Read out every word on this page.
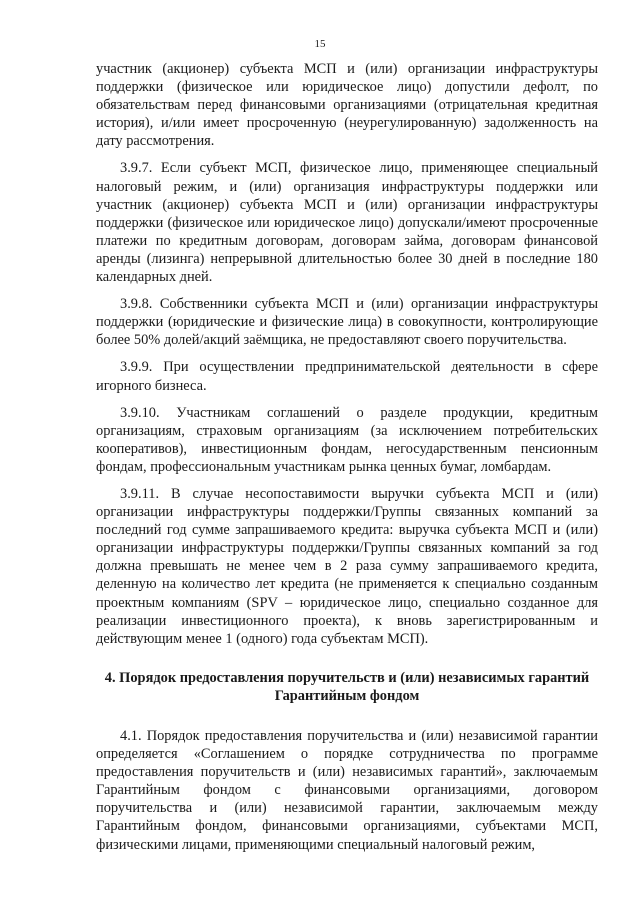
15

участник (акционер) субъекта МСП и (или) организации инфраструктуры поддержки (физическое или юридическое лицо) допустили дефолт, по обязательствам перед финансовыми организациями (отрицательная кредитная история), и/или имеет просроченную (неурегулированную) задолженность на дату рассмотрения.

3.9.7. Если субъект МСП, физическое лицо, применяющее специальный налоговый режим, и (или) организация инфраструктуры поддержки или участник (акционер) субъекта МСП и (или) организации инфраструктуры поддержки (физическое или юридическое лицо) допускали/имеют просроченные платежи по кредитным договорам, договорам займа, договорам финансовой аренды (лизинга) непрерывной длительностью более 30 дней в последние 180 календарных дней.

3.9.8. Собственники субъекта МСП и (или) организации инфраструктуры поддержки (юридические и физические лица) в совокупности, контролирующие более 50% долей/акций заёмщика, не предоставляют своего поручительства.

3.9.9. При осуществлении предпринимательской деятельности в сфере игорного бизнеса.

3.9.10. Участникам соглашений о разделе продукции, кредитным организациям, страховым организациям (за исключением потребительских кооперативов), инвестиционным фондам, негосударственным пенсионным фондам, профессиональным участникам рынка ценных бумаг, ломбардам.

3.9.11. В случае несопоставимости выручки субъекта МСП и (или) организации инфраструктуры поддержки/Группы связанных компаний за последний год сумме запрашиваемого кредита: выручка субъекта МСП и (или) организации инфраструктуры поддержки/Группы связанных компаний за год должна превышать не менее чем в 2 раза сумму запрашиваемого кредита, деленную на количество лет кредита (не применяется к специально созданным проектным компаниям (SPV – юридическое лицо, специально созданное для реализации инвестиционного проекта), к вновь зарегистрированным и действующим менее 1 (одного) года субъектам МСП).

4. Порядок предоставления поручительств и (или) независимых гарантий Гарантийным фондом

4.1. Порядок предоставления поручительства и (или) независимой гарантии определяется «Соглашением о порядке сотрудничества по программе предоставления поручительств и (или) независимых гарантий», заключаемым Гарантийным фондом с финансовыми организациями, договором поручительства и (или) независимой гарантии, заключаемым между Гарантийным фондом, финансовыми организациями, субъектами МСП, физическими лицами, применяющими специальный налоговый режим,
